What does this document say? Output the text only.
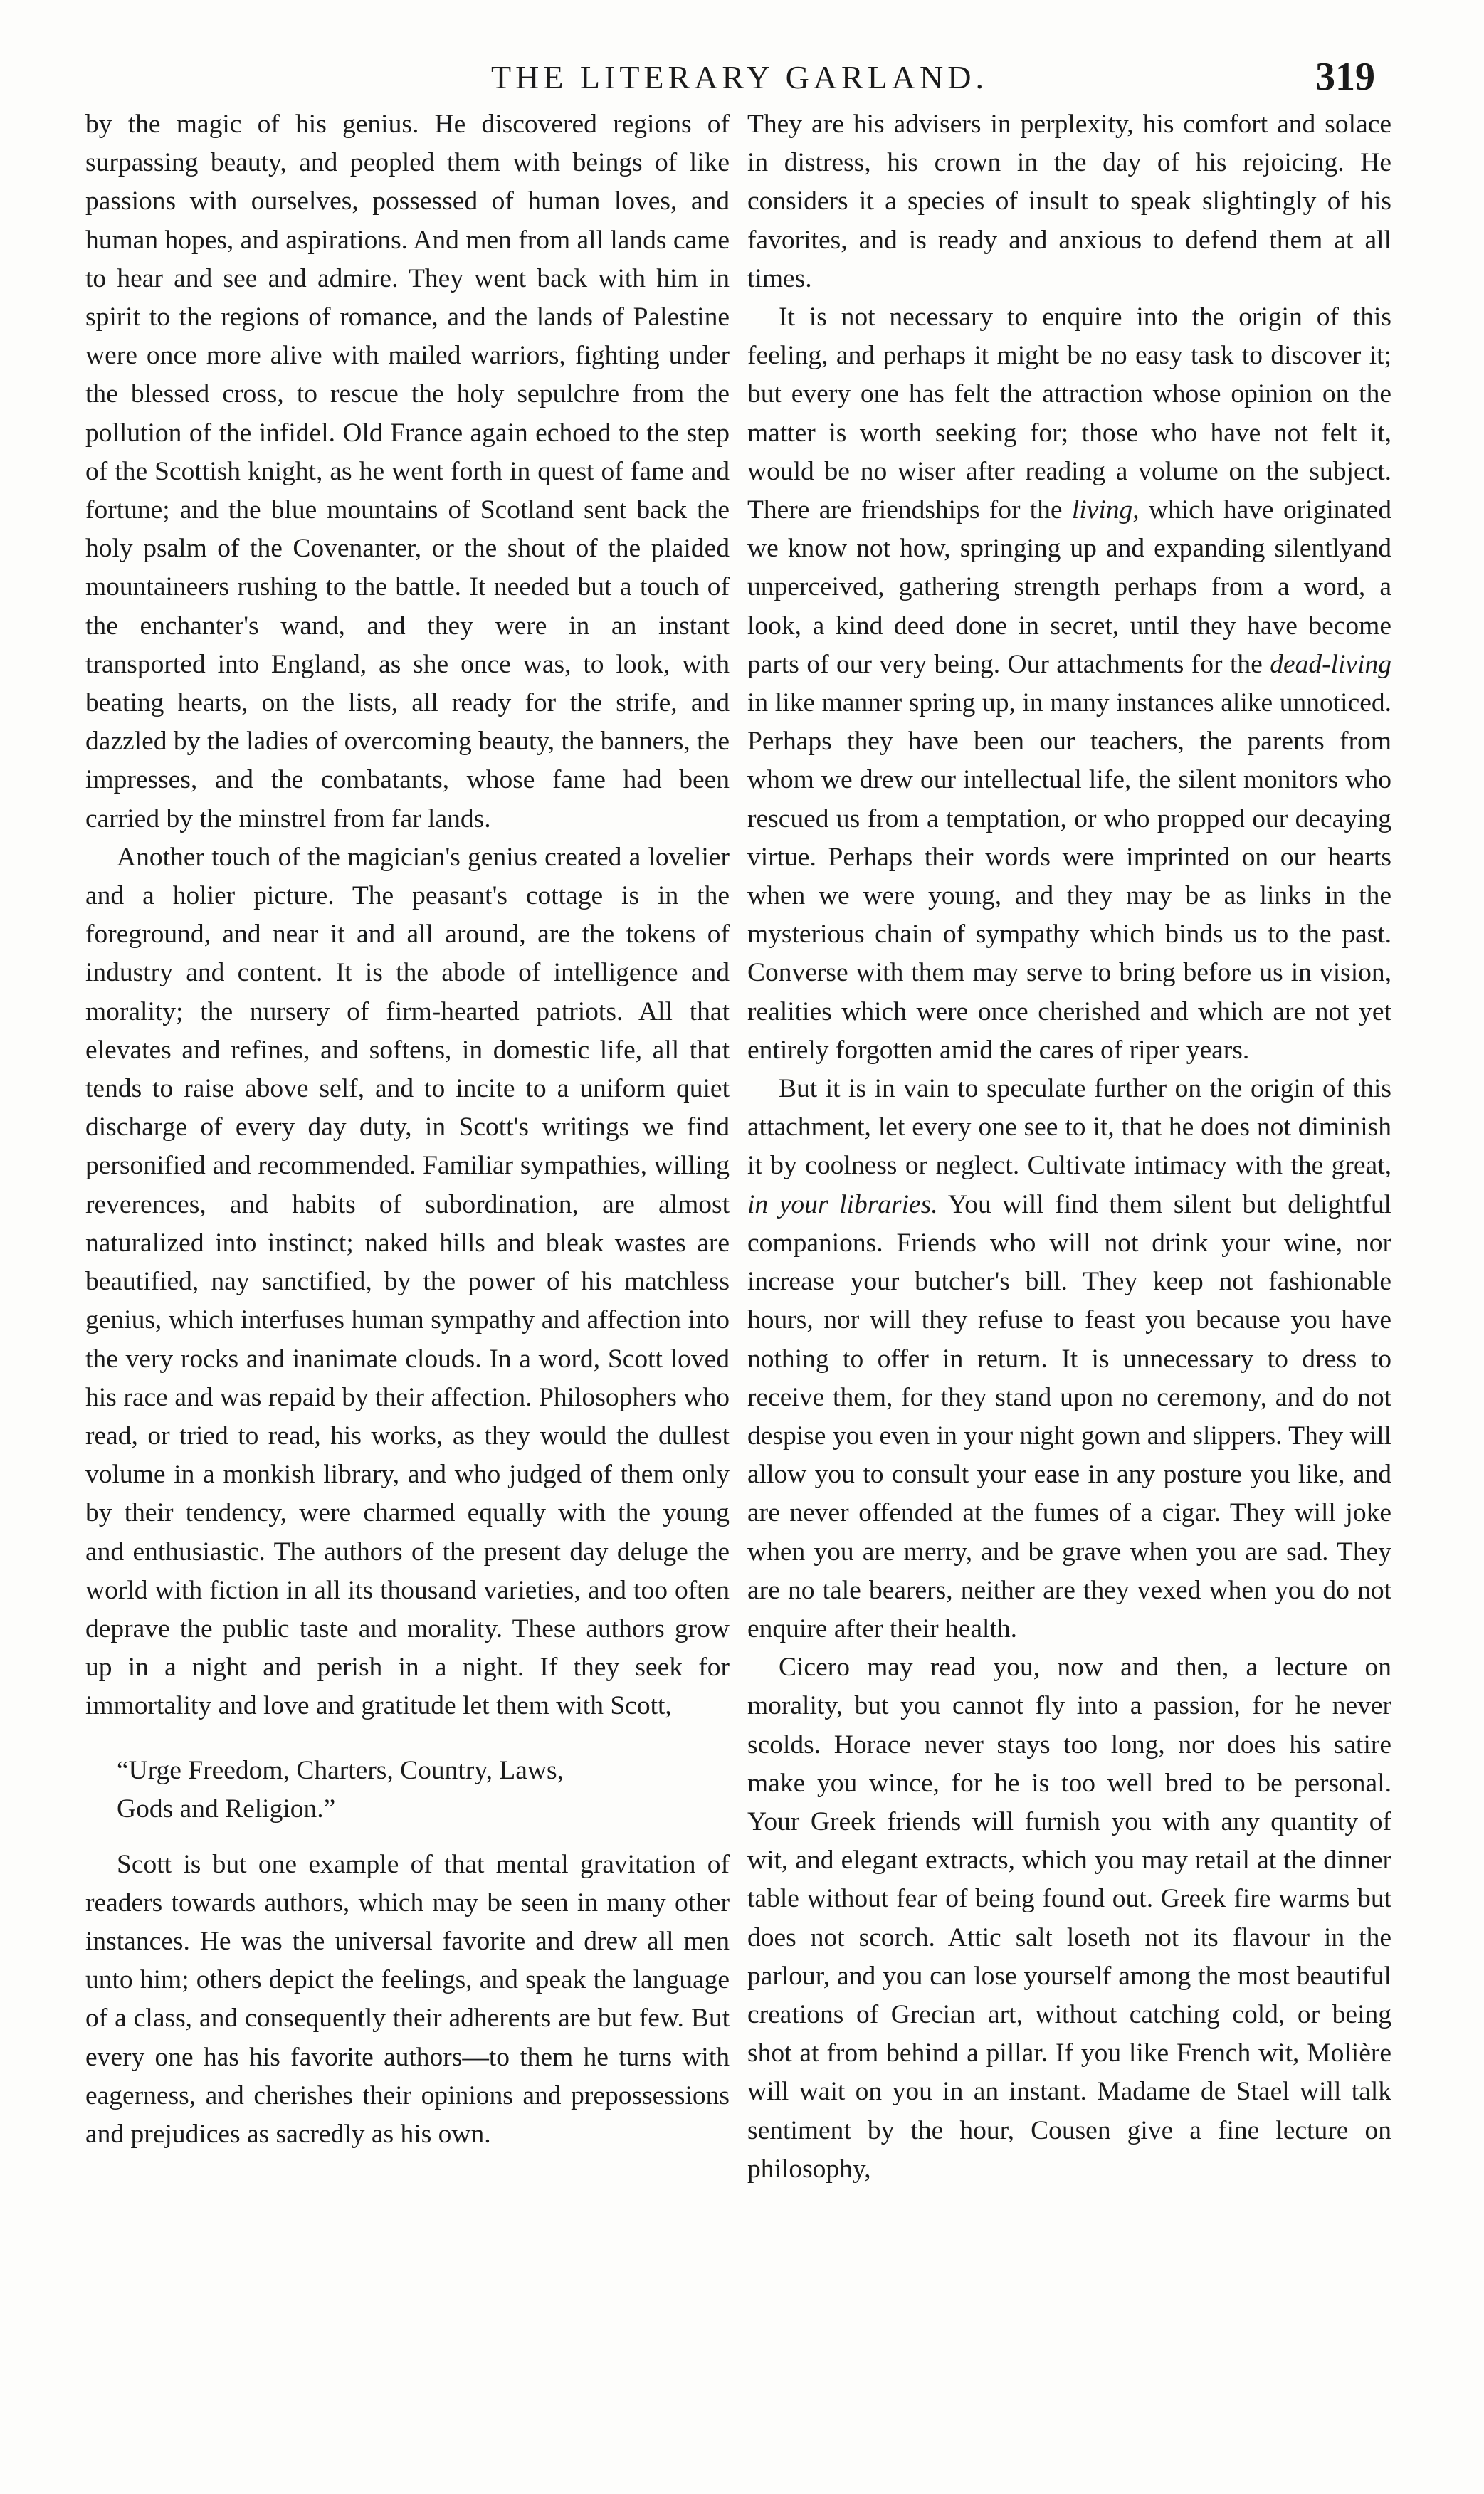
THE LITERARY GARLAND.	319

by the magic of his genius. He discovered regions of surpassing beauty, and peopled them with beings of like passions with ourselves, possessed of human loves, and human hopes, and aspirations. And men from all lands came to hear and see and admire. They went back with him in spirit to the regions of romance, and the lands of Palestine were once more alive with mailed warriors, fighting under the blessed cross, to rescue the holy sepulchre from the pollution of the infidel. Old France again echoed to the step of the Scottish knight, as he went forth in quest of fame and fortune; and the blue mountains of Scotland sent back the holy psalm of the Covenanter, or the shout of the plaided mountaineers rushing to the battle. It needed but a touch of the enchanter's wand, and they were in an instant transported into England, as she once was, to look, with beating hearts, on the lists, all ready for the strife, and dazzled by the ladies of overcoming beauty, the banners, the impresses, and the combatants, whose fame had been carried by the minstrel from far lands.

Another touch of the magician's genius created a lovelier and a holier picture. The peasant's cottage is in the foreground, and near it and all around, are the tokens of industry and content. It is the abode of intelligence and morality; the nursery of firm-hearted patriots. All that elevates and refines, and softens, in domestic life, all that tends to raise above self, and to incite to a uniform quiet discharge of every day duty, in Scott's writings we find personified and recommended. Familiar sympathies, willing reverences, and habits of subordination, are almost naturalized into instinct; naked hills and bleak wastes are beautified, nay sanctified, by the power of his matchless genius, which interfuses human sympathy and affection into the very rocks and inanimate clouds. In a word, Scott loved his race and was repaid by their affection. Philosophers who read, or tried to read, his works, as they would the dullest volume in a monkish library, and who judged of them only by their tendency, were charmed equally with the young and enthusiastic. The authors of the present day deluge the world with fiction in all its thousand varieties, and too often deprave the public taste and morality. These authors grow up in a night and perish in a night. If they seek for immortality and love and gratitude let them with Scott,

“Urge Freedom, Charters, Country, Laws,
Gods and Religion.”

Scott is but one example of that mental gravitation of readers towards authors, which may be seen in many other instances. He was the universal favorite and drew all men unto him; others depict the feelings, and speak the language of a class, and consequently their adherents are but few. But every one has his favorite authors—to them he turns with eagerness, and cherishes their opinions and prepossessions and prejudices as sacredly as his own.

They are his advisers in perplexity, his comfort and solace in distress, his crown in the day of his rejoicing. He considers it a species of insult to speak slightingly of his favorites, and is ready and anxious to defend them at all times.

It is not necessary to enquire into the origin of this feeling, and perhaps it might be no easy task to discover it; but every one has felt the attraction whose opinion on the matter is worth seeking for; those who have not felt it, would be no wiser after reading a volume on the subject. There are friendships for the living, which have originated we know not how, springing up and expanding silentlyand unperceived, gathering strength perhaps from a word, a look, a kind deed done in secret, until they have become parts of our very being. Our attachments for the dead-living in like manner spring up, in many instances alike unnoticed. Perhaps they have been our teachers, the parents from whom we drew our intellectual life, the silent monitors who rescued us from a temptation, or who propped our decaying virtue. Perhaps their words were imprinted on our hearts when we were young, and they may be as links in the mysterious chain of sympathy which binds us to the past. Converse with them may serve to bring before us in vision, realities which were once cherished and which are not yet entirely forgotten amid the cares of riper years.

But it is in vain to speculate further on the origin of this attachment, let every one see to it, that he does not diminish it by coolness or neglect. Cultivate intimacy with the great, in your libraries. You will find them silent but delightful companions. Friends who will not drink your wine, nor increase your butcher's bill. They keep not fashionable hours, nor will they refuse to feast you because you have nothing to offer in return. It is unnecessary to dress to receive them, for they stand upon no ceremony, and do not despise you even in your night gown and slippers. They will allow you to consult your ease in any posture you like, and are never offended at the fumes of a cigar. They will joke when you are merry, and be grave when you are sad. They are no tale bearers, neither are they vexed when you do not enquire after their health.

Cicero may read you, now and then, a lecture on morality, but you cannot fly into a passion, for he never scolds. Horace never stays too long, nor does his satire make you wince, for he is too well bred to be personal. Your Greek friends will furnish you with any quantity of wit, and elegant extracts, which you may retail at the dinner table without fear of being found out. Greek fire warms but does not scorch. Attic salt loseth not its flavour in the parlour, and you can lose yourself among the most beautiful creations of Grecian art, without catching cold, or being shot at from behind a pillar. If you like French wit, Molière will wait on you in an instant. Madame de Stael will talk sentiment by the hour, Cousen give a fine lecture on philosophy,
